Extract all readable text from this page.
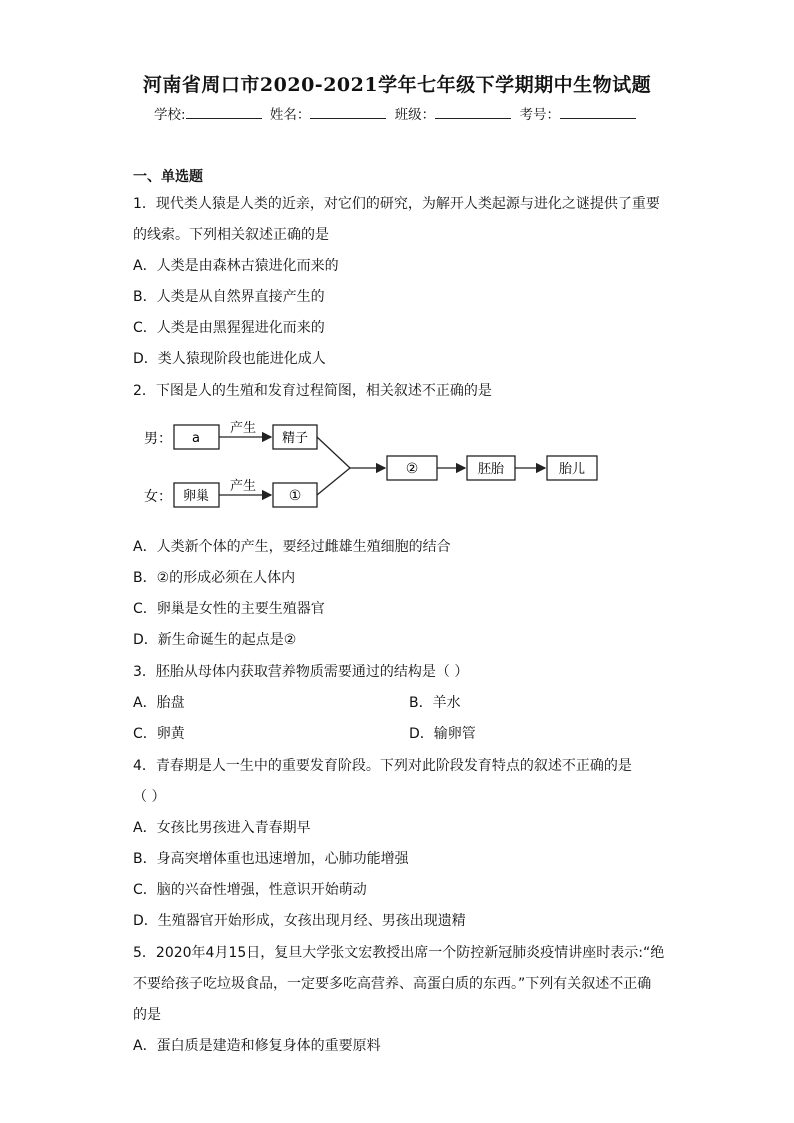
河南省周口市2020-2021学年七年级下学期期中生物试题
学校:	姓名：	班级：	考号：
一、单选题
1．现代类人猿是人类的近亲，对它们的研究，为解开人类起源与进化之谜提供了重要
的线索。下列相关叙述正确的是
A．人类是由森林古猿进化而来的
B．人类是从自然界直接产生的
C．人类是由黑猩猩进化而来的
D．类人猿现阶段也能进化成人
2．下图是人的生殖和发育过程简图，相关叙述不正确的是
男： a
产生
精子
女： 卵巢
产生
①
②	胚胎	胎儿
A．人类新个体的产生，要经过雌雄生殖细胞的结合
B．②的形成必须在人体内
C．卵巢是女性的主要生殖器官
D．新生命诞生的起点是②
3．胚胎从母体内获取营养物质需要通过的结构是（ ）
A．胎盘	B．羊水
C．卵黄	D．输卵管
4．青春期是人一生中的重要发育阶段。下列对此阶段发育特点的叙述不正确的是
（ ）
A．女孩比男孩进入青春期早
B．身高突增体重也迅速增加，心肺功能增强
C．脑的兴奋性增强，性意识开始萌动
D．生殖器官开始形成，女孩出现月经、男孩出现遗精
5．2020年4月15日，复旦大学张文宏教授出席一个防控新冠肺炎疫情讲座时表示:“绝
不要给孩子吃垃圾食品，一定要多吃高营养、高蛋白质的东西。”下列有关叙述不正确
的是
A．蛋白质是建造和修复身体的重要原料
